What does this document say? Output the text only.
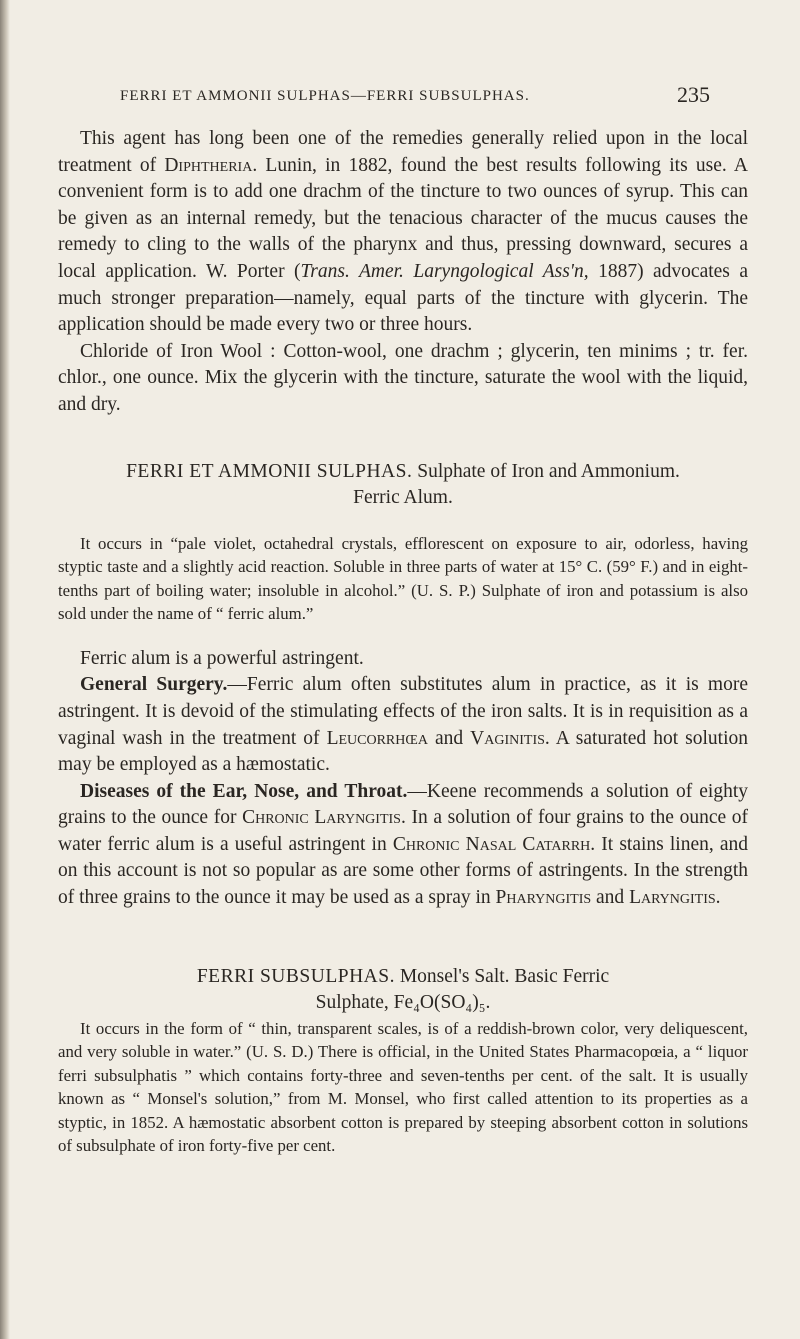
FERRI ET AMMONII SULPHAS—FERRI SUBSULPHAS.	235

This agent has long been one of the remedies generally relied upon in the local treatment of Diphtheria. Lunin, in 1882, found the best results following its use. A convenient form is to add one drachm of the tincture to two ounces of syrup. This can be given as an internal remedy, but the tenacious character of the mucus causes the remedy to cling to the walls of the pharynx and thus, pressing downward, secures a local application. W. Porter (Trans. Amer. Laryngological Ass'n, 1887) advocates a much stronger preparation—namely, equal parts of the tincture with glycerin. The application should be made every two or three hours.

Chloride of Iron Wool : Cotton-wool, one drachm ; glycerin, ten minims ; tr. fer. chlor., one ounce. Mix the glycerin with the tincture, saturate the wool with the liquid, and dry.

FERRI ET AMMONII SULPHAS. Sulphate of Iron and Ammonium.

Ferric Alum.

It occurs in “pale violet, octahedral crystals, efflorescent on exposure to air, odorless, having styptic taste and a slightly acid reaction. Soluble in three parts of water at 15° C. (59° F.) and in eight-tenths part of boiling water; insoluble in alcohol.” (U. S. P.) Sulphate of iron and potassium is also sold under the name of “ ferric alum.”

Ferric alum is a powerful astringent.

General Surgery.—Ferric alum often substitutes alum in practice, as it is more astringent. It is devoid of the stimulating effects of the iron salts. It is in requisition as a vaginal wash in the treatment of Leucorrhœa and Vaginitis. A saturated hot solution may be employed as a hæmostatic.

Diseases of the Ear, Nose, and Throat.—Keene recommends a solution of eighty grains to the ounce for Chronic Laryngitis. In a solution of four grains to the ounce of water ferric alum is a useful astringent in Chronic Nasal Catarrh. It stains linen, and on this account is not so popular as are some other forms of astringents. In the strength of three grains to the ounce it may be used as a spray in Pharyngitis and Laryngitis.

FERRI SUBSULPHAS. Monsel's Salt. Basic Ferric

Sulphate, Fe₄O(SO₄)₅.

It occurs in the form of “ thin, transparent scales, is of a reddish-brown color, very deliquescent, and very soluble in water.” (U. S. D.) There is official, in the United States Pharmacopœia, a “ liquor ferri subsulphatis ” which contains forty-three and seven-tenths per cent. of the salt. It is usually known as “ Monsel's solution,” from M. Monsel, who first called attention to its properties as a styptic, in 1852. A hæmostatic absorbent cotton is prepared by steeping absorbent cotton in solutions of subsulphate of iron forty-five per cent.
